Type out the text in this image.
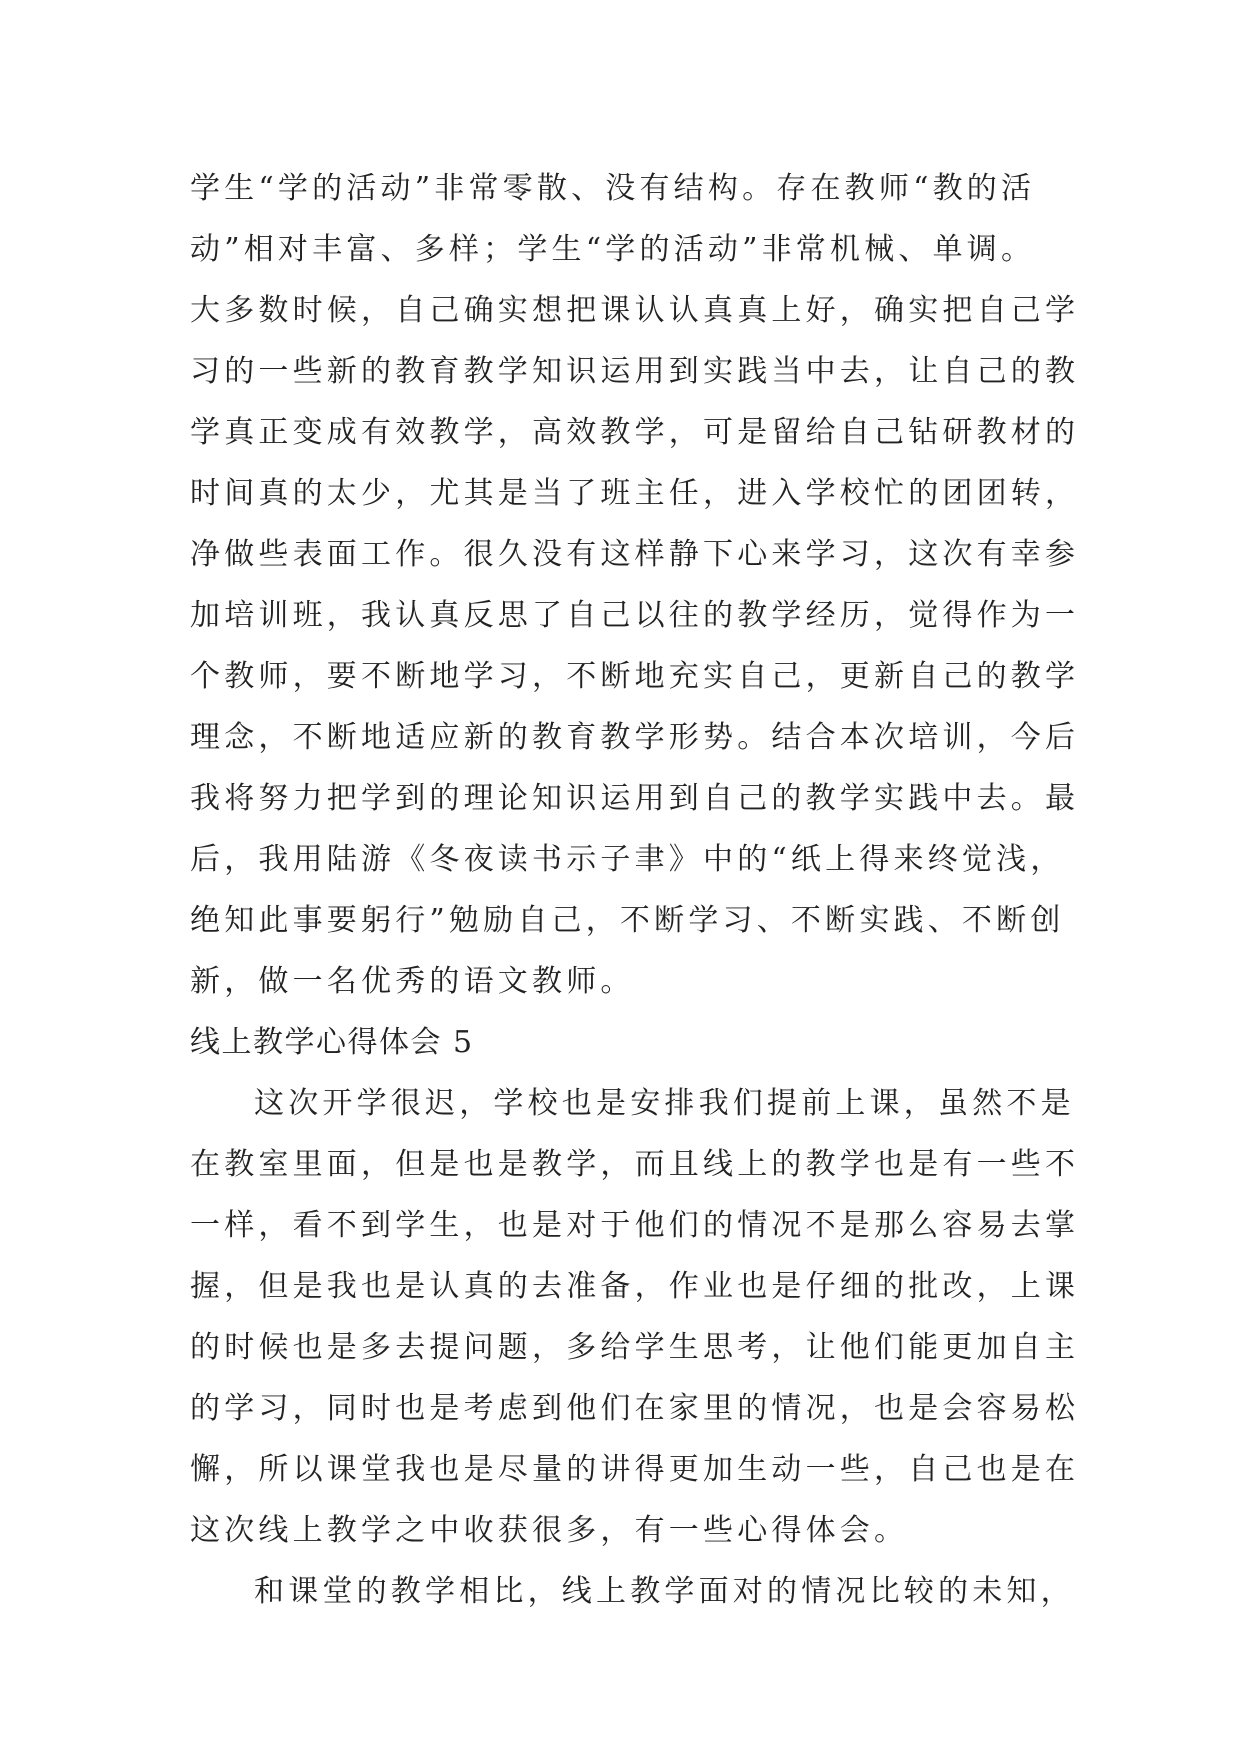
学生“学的活动”非常零散、没有结构。存在教师“教的活
动”相对丰富、多样；学生“学的活动”非常机械、单调。
大多数时候，自己确实想把课认认真真上好，确实把自己学
习的一些新的教育教学知识运用到实践当中去，让自己的教
学真正变成有效教学，高效教学，可是留给自己钻研教材的
时间真的太少，尤其是当了班主任，进入学校忙的团团转，
净做些表面工作。很久没有这样静下心来学习，这次有幸参
加培训班，我认真反思了自己以往的教学经历，觉得作为一
个教师，要不断地学习，不断地充实自己，更新自己的教学
理念，不断地适应新的教育教学形势。结合本次培训，今后
我将努力把学到的理论知识运用到自己的教学实践中去。最
后，我用陆游《冬夜读书示子聿》中的“纸上得来终觉浅，
绝知此事要躬行”勉励自己，不断学习、不断实践、不断创
新，做一名优秀的语文教师。
线上教学心得体会 5
这次开学很迟，学校也是安排我们提前上课，虽然不是
在教室里面，但是也是教学，而且线上的教学也是有一些不
一样，看不到学生，也是对于他们的情况不是那么容易去掌
握，但是我也是认真的去准备，作业也是仔细的批改，上课
的时候也是多去提问题，多给学生思考，让他们能更加自主
的学习，同时也是考虑到他们在家里的情况，也是会容易松
懈，所以课堂我也是尽量的讲得更加生动一些，自己也是在
这次线上教学之中收获很多，有一些心得体会。
和课堂的教学相比，线上教学面对的情况比较的未知，
